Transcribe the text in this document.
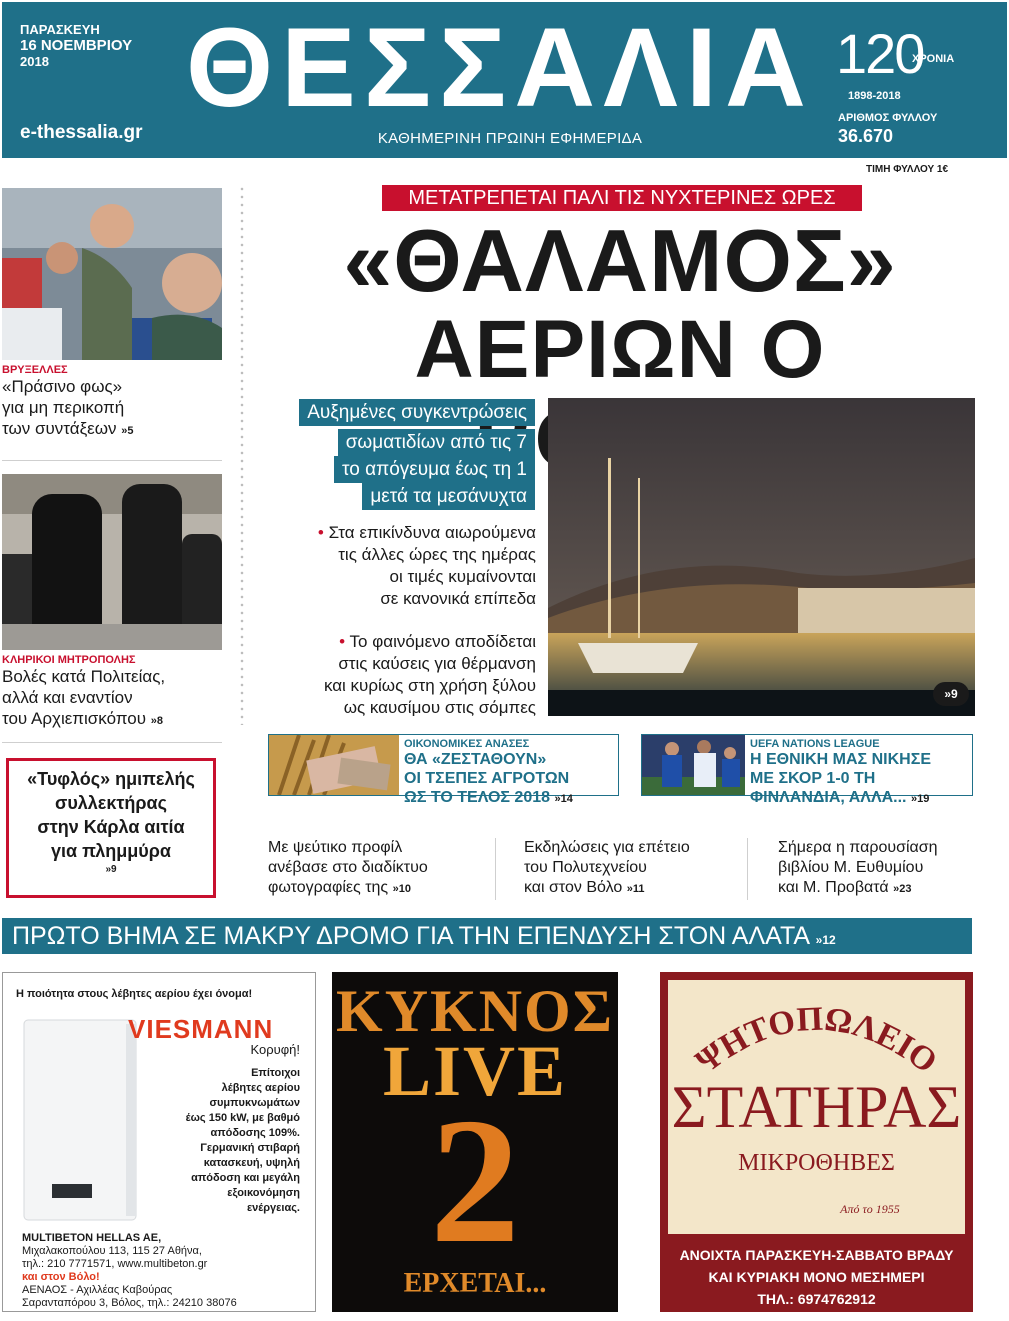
ΠΑΡΑΣΚΕΥΗ
16 ΝΟΕΜΒΡΙΟΥ
2018
e-thessalia.gr
ΘΕΣΣΑΛΙΑ
ΚΑΘΗΜΕΡΙΝΗ ΠΡΩΙΝΗ ΕΦΗΜΕΡΙΔΑ
120
ΧΡΟΝΙΑ
1898-2018
ΑΡΙΘΜΟΣ ΦΥΛΛΟΥ
36.670
ΤΙΜΗ ΦΥΛΛΟΥ 1€
ΒΡΥΞΕΛΛΕΣ
«Πράσινο φως»
για μη περικοπή
των συντάξεων »5
ΚΛΗΡΙΚΟΙ ΜΗΤΡΟΠΟΛΗΣ
Βολές κατά Πολιτείας,
αλλά και εναντίον
του Αρχιεπισκόπου »8
«Τυφλός» ημιπελής
συλλεκτήρας
στην Κάρλα αιτία
για πλημμύρα
»9
ΜΕΤΑΤΡΕΠΕΤΑΙ ΠΑΛΙ ΤΙΣ ΝΥΧΤΕΡΙΝΕΣ ΩΡΕΣ
«ΘΑΛΑΜΟΣ»
ΑΕΡΙΩΝ Ο
Αυξημένες συγκεντρώσεις
σωματιδίων από τις 7
το απόγευμα έως τη 1
μετά τα μεσάνυχτα
• Στα επικίνδυνα αιωρούμενα
τις άλλες ώρες της ημέρας
οι τιμές κυμαίνονται
σε κανονικά επίπεδα
• Το φαινόμενο αποδίδεται
στις καύσεις για θέρμανση
και κυρίως στη χρήση ξύλου
ως καυσίμου στις σόμπες
»9
ΟΙΚΟΝΟΜΙΚΕΣ ΑΝΑΣΕΣ
ΘΑ «ΖΕΣΤΑΘΟΥΝ»
ΟΙ ΤΣΕΠΕΣ ΑΓΡΟΤΩΝ
ΩΣ ΤΟ ΤΕΛΟΣ 2018 »14
UEFA NATIONS LEAGUE
Η ΕΘΝΙΚΗ ΜΑΣ ΝΙΚΗΣΕ
ΜΕ ΣΚΟΡ 1-0 ΤΗ
ΦΙΝΛΑΝΔΙΑ, ΑΛΛΑ... »19
Με ψεύτικο προφίλ
ανέβασε στο διαδίκτυο
φωτογραφίες της »10
Εκδηλώσεις για επέτειο
του Πολυτεχνείου
και στον Βόλο »11
Σήμερα η παρουσίαση
βιβλίου Μ. Ευθυμίου
και Μ. Προβατά »23
ΠΡΩΤΟ ΒΗΜΑ ΣΕ ΜΑΚΡΥ ΔΡΟΜΟ ΓΙΑ ΤΗΝ ΕΠΕΝΔΥΣΗ ΣΤΟΝ ΑΛΑΤΑ »12
Η ποιότητα στους λέβητες αερίου έχει όνομα!
VIESMANN
Κορυφή!
Επίτοιχοι
λέβητες αερίου
συμπυκνωμάτων
έως 150 kW, με βαθμό
απόδοσης 109%.
Γερμανική στιβαρή
κατασκευή, υψηλή
απόδοση και μεγάλη
εξοικονόμηση
ενέργειας.
MULTIBETON HELLAS AE,
Μιχαλακοπούλου 113, 115 27 Αθήνα,
τηλ.: 210 7771571, www.multibeton.gr
και στον Βόλο!
ΑΕΝΑΟΣ - Αχιλλέας Καβούρας
Σαρανταπόρου 3, Βόλος, τηλ.: 24210 38076
ΚΥΚΝΟΣ
LIVE
2
ΕΡΧΕΤΑΙ...
ΨΗΤΟΠΩΛΕΙΟ
ΣΤΑΤΗΡΑΣ
ΜΙΚΡΟΘΗΒΕΣ
Από το 1955
ΑΝΟΙΧΤΑ ΠΑΡΑΣΚΕΥΗ-ΣΑΒΒΑΤΟ ΒΡΑΔΥ
ΚΑΙ ΚΥΡΙΑΚΗ ΜΟΝΟ ΜΕΣΗΜΕΡΙ
ΤΗΛ.: 6974762912
